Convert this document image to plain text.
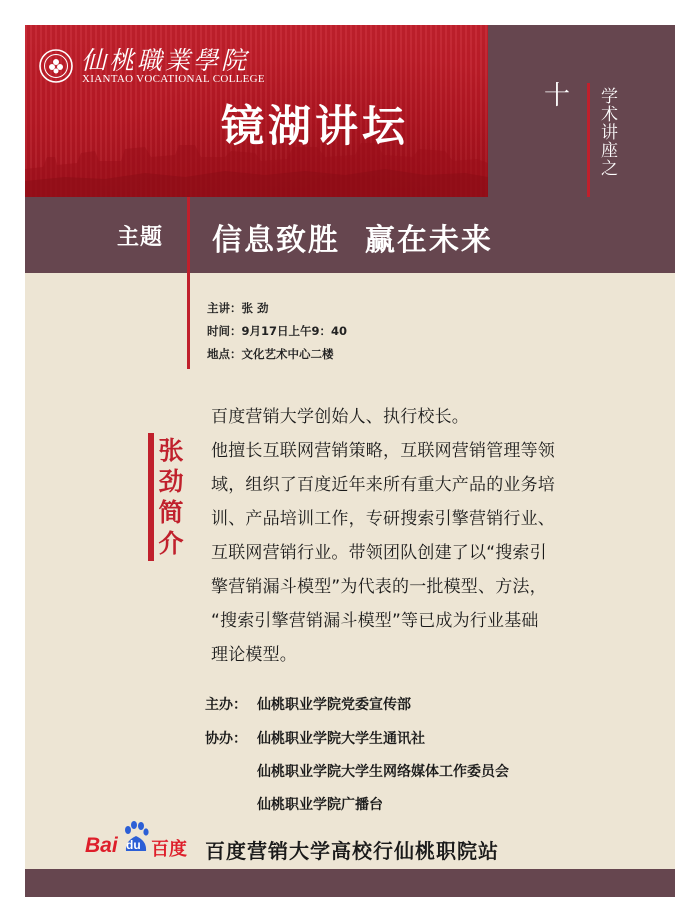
仙桃職業學院
XIANTAO VOCATIONAL COLLEGE
镜湖讲坛
十 学术讲座之
主题 信息致胜  赢在未来
主讲：张 劲
时间：9月17日上午9：40
地点：文化艺术中心二楼
张
劲
简
介
百度营销大学创始人、执行校长。
他擅长互联网营销策略，互联网营销管理等领
域，组织了百度近年来所有重大产品的业务培
训、产品培训工作，专研搜索引擎营销行业、
互联网营销行业。带领团队创建了以“搜索引
擎营销漏斗模型”为代表的一批模型、方法，
“搜索引擎营销漏斗模型”等已成为行业基础
理论模型。
主办： 仙桃职业学院党委宣传部
协办： 仙桃职业学院大学生通讯社
仙桃职业学院大学生网络媒体工作委员会
仙桃职业学院广播台
Bai du 百度 百度营销大学高校行仙桃职院站
